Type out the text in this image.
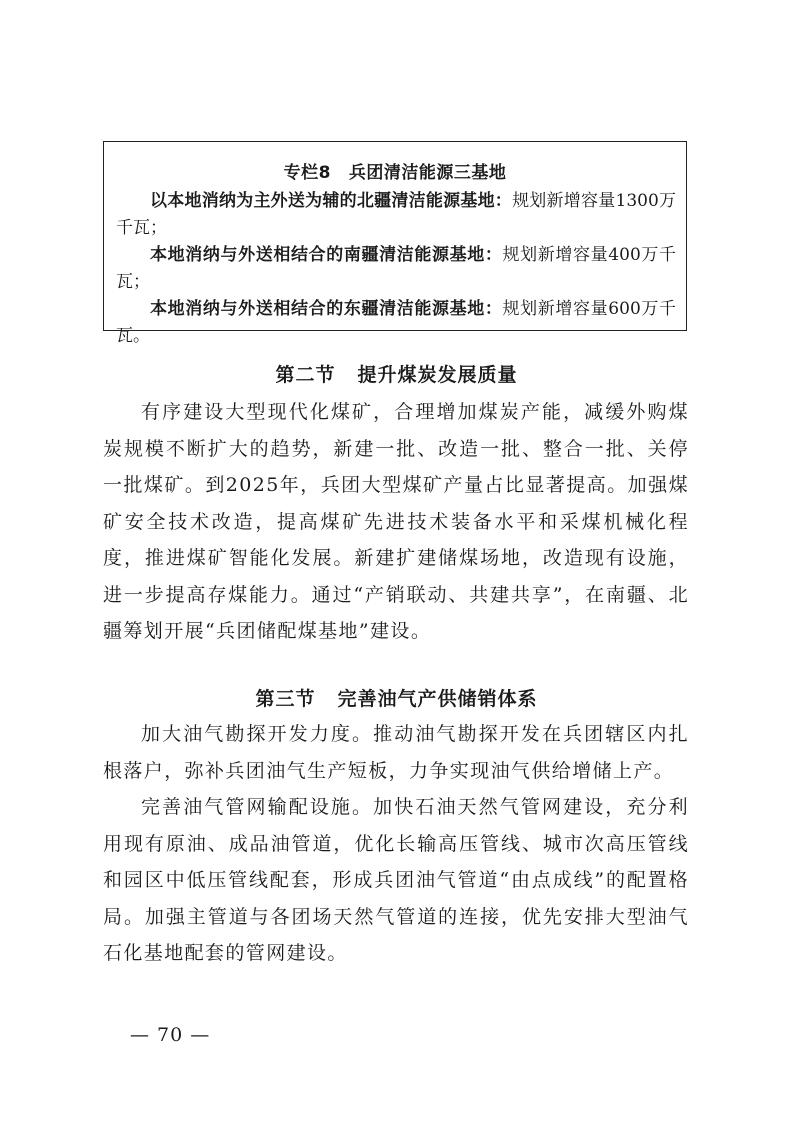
专栏8 兵团清洁能源三基地

以本地消纳为主外送为辅的北疆清洁能源基地：规划新增容量1300万千瓦；

本地消纳与外送相结合的南疆清洁能源基地：规划新增容量400万千瓦；

本地消纳与外送相结合的东疆清洁能源基地：规划新增容量600万千瓦。

第二节 提升煤炭发展质量

有序建设大型现代化煤矿，合理增加煤炭产能，减缓外购煤炭规模不断扩大的趋势，新建一批、改造一批、整合一批、关停一批煤矿。到2025年，兵团大型煤矿产量占比显著提高。加强煤矿安全技术改造，提高煤矿先进技术装备水平和采煤机械化程度，推进煤矿智能化发展。新建扩建储煤场地，改造现有设施，进一步提高存煤能力。通过“产销联动、共建共享”，在南疆、北疆筹划开展“兵团储配煤基地”建设。

第三节 完善油气产供储销体系

加大油气勘探开发力度。推动油气勘探开发在兵团辖区内扎根落户，弥补兵团油气生产短板，力争实现油气供给增储上产。

完善油气管网输配设施。加快石油天然气管网建设，充分利用现有原油、成品油管道，优化长输高压管线、城市次高压管线和园区中低压管线配套，形成兵团油气管道“由点成线”的配置格局。加强主管道与各团场天然气管道的连接，优先安排大型油气石化基地配套的管网建设。

— 70 —
